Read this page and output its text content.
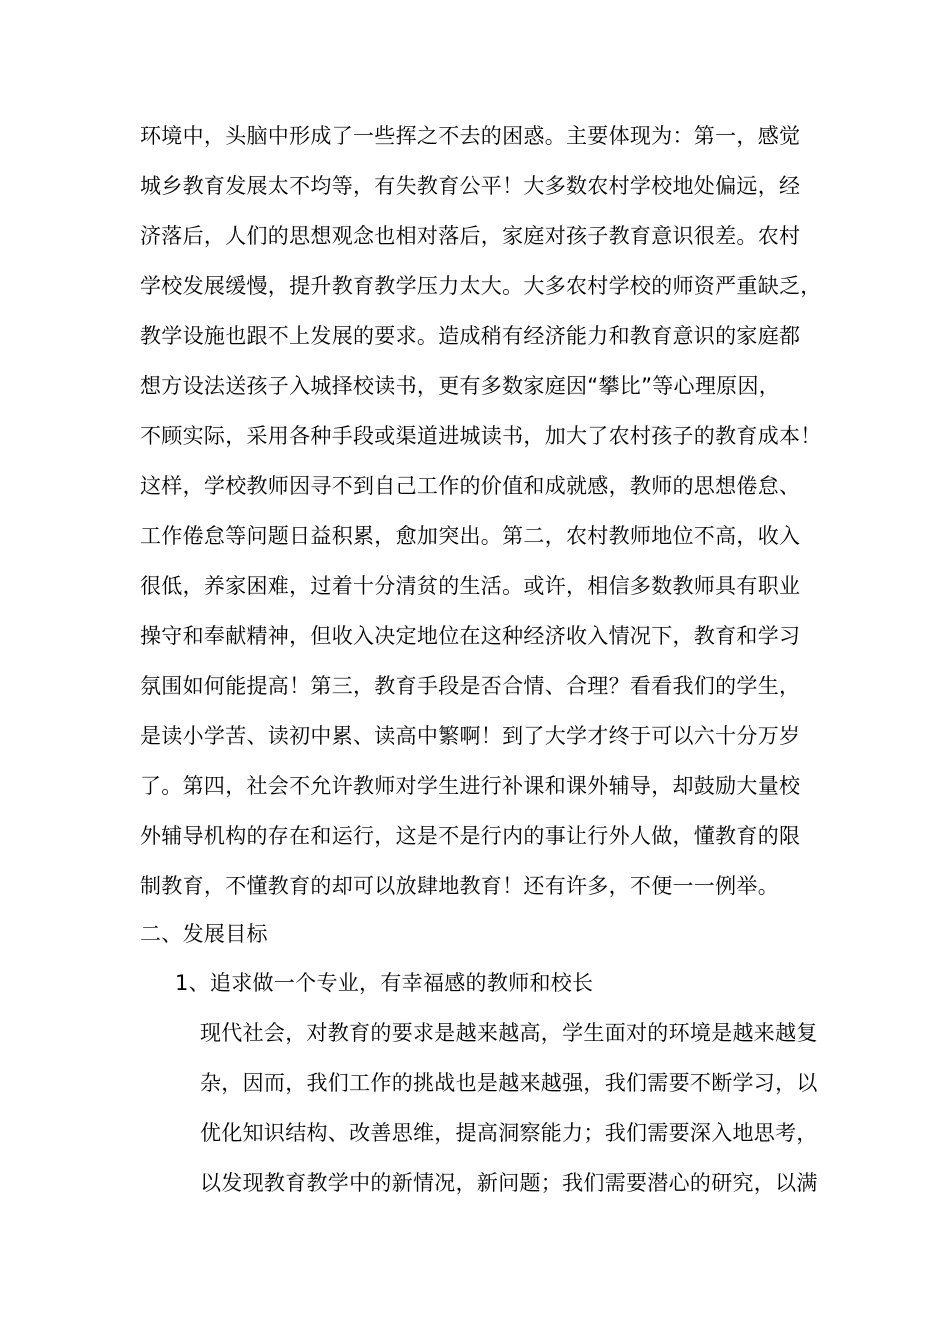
环境中，头脑中形成了一些挥之不去的困惑。主要体现为：第一，感觉
城乡教育发展太不均等，有失教育公平！大多数农村学校地处偏远，经
济落后，人们的思想观念也相对落后，家庭对孩子教育意识很差。农村
学校发展缓慢，提升教育教学压力太大。大多农村学校的师资严重缺乏，
教学设施也跟不上发展的要求。造成稍有经济能力和教育意识的家庭都
想方设法送孩子入城择校读书，更有多数家庭因“攀比”等心理原因，
不顾实际，采用各种手段或渠道进城读书，加大了农村孩子的教育成本！
这样，学校教师因寻不到自己工作的价值和成就感，教师的思想倦怠、
工作倦怠等问题日益积累，愈加突出。第二，农村教师地位不高，收入
很低，养家困难，过着十分清贫的生活。或许，相信多数教师具有职业
操守和奉献精神，但收入决定地位在这种经济收入情况下，教育和学习
氛围如何能提高！第三，教育手段是否合情、合理？看看我们的学生，
是读小学苦、读初中累、读高中繁啊！到了大学才终于可以六十分万岁
了。第四，社会不允许教师对学生进行补课和课外辅导，却鼓励大量校
外辅导机构的存在和运行，这是不是行内的事让行外人做，懂教育的限
制教育，不懂教育的却可以放肆地教育！还有许多，不便一一例举。
二、发展目标
1、追求做一个专业，有幸福感的教师和校长
现代社会，对教育的要求是越来越高，学生面对的环境是越来越复
杂，因而，我们工作的挑战也是越来越强，我们需要不断学习，以
优化知识结构、改善思维，提高洞察能力；我们需要深入地思考，
以发现教育教学中的新情况，新问题；我们需要潜心的研究，以满
